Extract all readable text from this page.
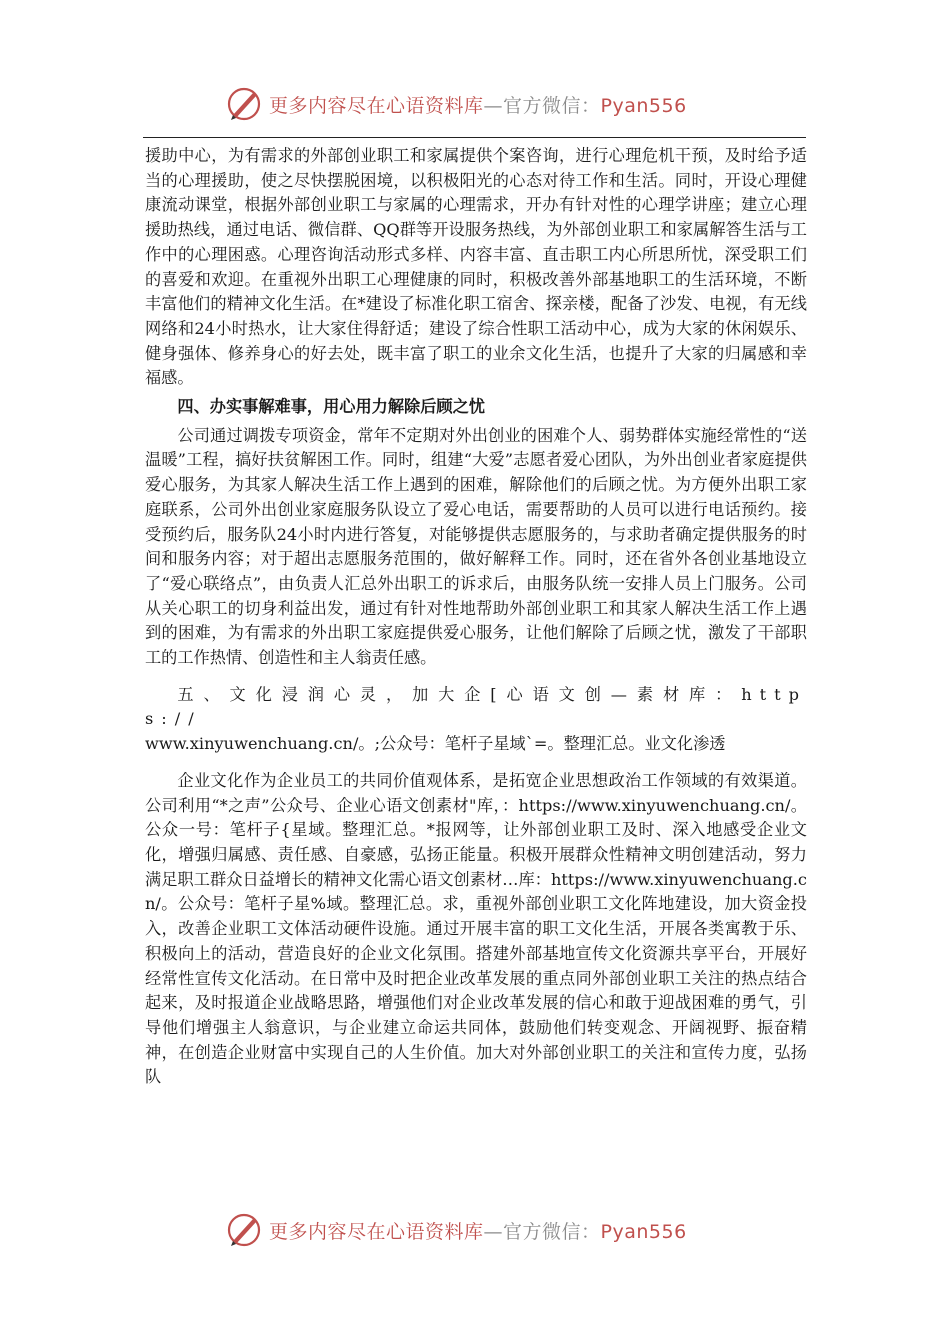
更多内容尽在心语资料库—官方微信：Pyan556

援助中心，为有需求的外部创业职工和家属提供个案咨询，进行心理危机干预，及时给予适当的心理援助，使之尽快摆脱困境，以积极阳光的心态对待工作和生活。同时，开设心理健康流动课堂，根据外部创业职工与家属的心理需求，开办有针对性的心理学讲座；建立心理援助热线，通过电话、微信群、QQ群等开设服务热线，为外部创业职工和家属解答生活与工作中的心理困惑。心理咨询活动形式多样、内容丰富、直击职工内心所思所忧，深受职工们的喜爱和欢迎。在重视外出职工心理健康的同时，积极改善外部基地职工的生活环境，不断丰富他们的精神文化生活。在*建设了标准化职工宿舍、探亲楼，配备了沙发、电视，有无线网络和24小时热水，让大家住得舒适；建设了综合性职工活动中心，成为大家的休闲娱乐、健身强体、修养身心的好去处，既丰富了职工的业余文化生活，也提升了大家的归属感和幸福感。

四、办实事解难事，用心用力解除后顾之忧

公司通过调拨专项资金，常年不定期对外出创业的困难个人、弱势群体实施经常性的“送温暖”工程，搞好扶贫解困工作。同时，组建“大爱”志愿者爱心团队，为外出创业者家庭提供爱心服务，为其家人解决生活工作上遇到的困难，解除他们的后顾之忧。为方便外出职工家庭联系，公司外出创业家庭服务队设立了爱心电话，需要帮助的人员可以进行电话预约。接受预约后，服务队24小时内进行答复，对能够提供志愿服务的，与求助者确定提供服务的时间和服务内容；对于超出志愿服务范围的，做好解释工作。同时，还在省外各创业基地设立了“爱心联络点”，由负责人汇总外出职工的诉求后，由服务队统一安排人员上门服务。公司从关心职工的切身利益出发，通过有针对性地帮助外部创业职工和其家人解决生活工作上遇到的困难，为有需求的外出职工家庭提供爱心服务，让他们解除了后顾之忧，激发了干部职工的工作热情、创造性和主人翁责任感。

五、文化浸润心灵，加大企[心语文创—素材库：https://

www.xinyuwenchuang.cn/。;公众号：笔杆子星域`=。整理汇总。业文化渗透

企业文化作为企业员工的共同价值观体系，是拓宽企业思想政治工作领域的有效渠道。公司利用“*之声”公众号、企业心语文创素材"库，：https://www.xinyuwenchuang.cn/。公众一号：笔杆子{星域。整理汇总。*报网等，让外部创业职工及时、深入地感受企业文化，增强归属感、责任感、自豪感，弘扬正能量。积极开展群众性精神文明创建活动，努力满足职工群众日益增长的精神文化需心语文创素材…库：https://www.xinyuwenchuang.cn/。公众号：笔杆子星%域。整理汇总。求，重视外部创业职工文化阵地建设，加大资金投入，改善企业职工文体活动硬件设施。通过开展丰富的职工文化生活，开展各类寓教于乐、积极向上的活动，营造良好的企业文化氛围。搭建外部基地宣传文化资源共享平台，开展好经常性宣传文化活动。在日常中及时把企业改革发展的重点同外部创业职工关注的热点结合起来，及时报道企业战略思路，增强他们对企业改革发展的信心和敢于迎战困难的勇气，引导他们增强主人翁意识，与企业建立命运共同体，鼓励他们转变观念、开阔视野、振奋精神，在创造企业财富中实现自己的人生价值。加大对外部创业职工的关注和宣传力度，弘扬队

更多内容尽在心语资料库—官方微信：Pyan556
